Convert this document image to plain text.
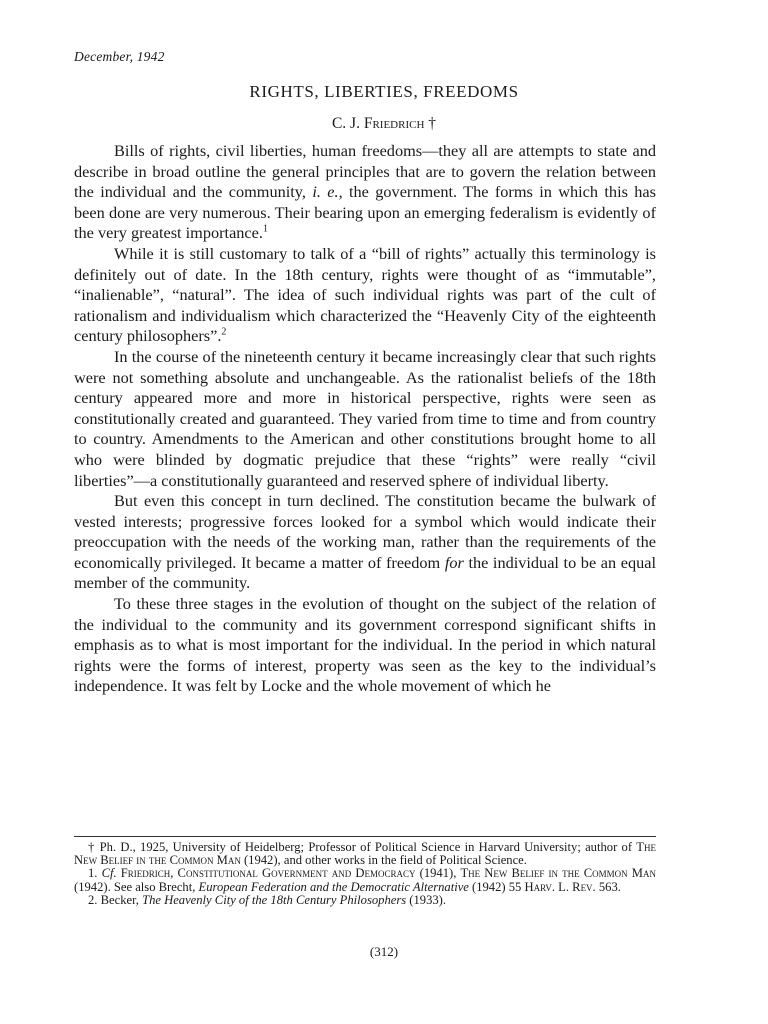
December, 1942
RIGHTS, LIBERTIES, FREEDOMS
C. J. Friedrich †

Bills of rights, civil liberties, human freedoms—they all are attempts to state and describe in broad outline the general principles that are to govern the relation between the individual and the community, i. e., the government. The forms in which this has been done are very numerous. Their bearing upon an emerging federalism is evidently of the very greatest importance.$^1$

While it is still customary to talk of a “bill of rights” actually this terminology is definitely out of date. In the 18th century, rights were thought of as “immutable”, “inalienable”, “natural”. The idea of such individual rights was part of the cult of rationalism and individualism which characterized the “Heavenly City of the eighteenth century philosophers”.$^2$

In the course of the nineteenth century it became increasingly clear that such rights were not something absolute and unchangeable. As the rationalist beliefs of the 18th century appeared more and more in historical perspective, rights were seen as constitutionally created and guaranteed. They varied from time to time and from country to country. Amendments to the American and other constitutions brought home to all who were blinded by dogmatic prejudice that these “rights” were really “civil liberties”—a constitutionally guaranteed and reserved sphere of individual liberty.

But even this concept in turn declined. The constitution became the bulwark of vested interests; progressive forces looked for a symbol which would indicate their preoccupation with the needs of the working man, rather than the requirements of the economically privileged. It became a matter of freedom for the individual to be an equal member of the community.

To these three stages in the evolution of thought on the subject of the relation of the individual to the community and its government correspond significant shifts in emphasis as to what is most important for the individual. In the period in which natural rights were the forms of interest, property was seen as the key to the individual’s independence. It was felt by Locke and the whole movement of which he

† Ph. D., 1925, University of Heidelberg; Professor of Political Science in Harvard University; author of The New Belief in the Common Man (1942), and other works in the field of Political Science.

1. Cf. Friedrich, Constitutional Government and Democracy (1941), The New Belief in the Common Man (1942). See also Brecht, European Federation and the Democratic Alternative (1942) 55 Harv. L. Rev. 563.

2. Becker, The Heavenly City of the 18th Century Philosophers (1933).

(312)
